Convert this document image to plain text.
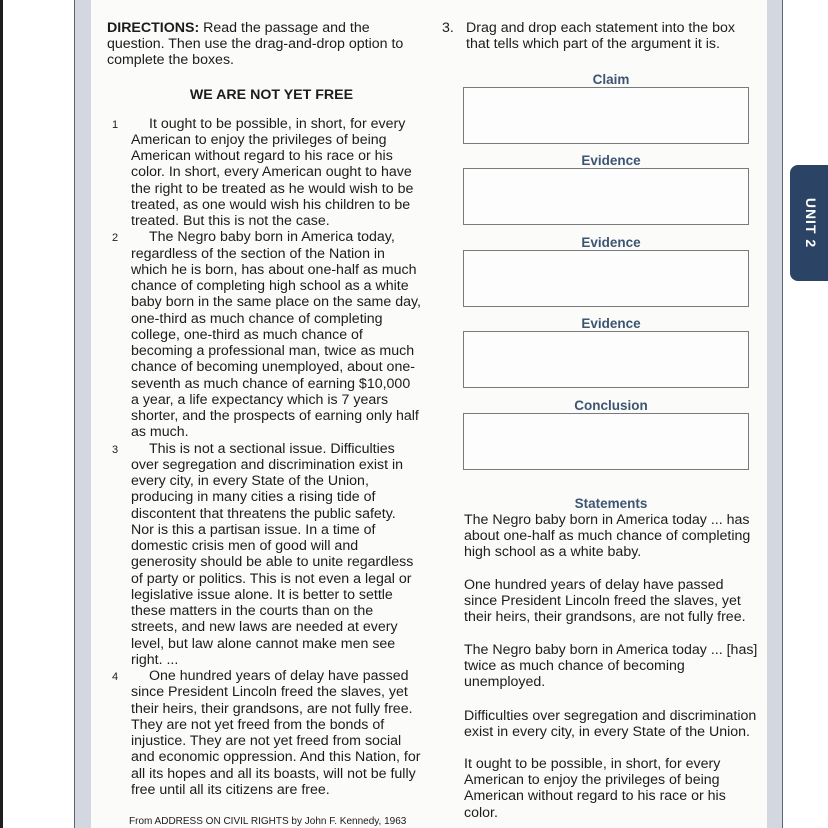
UNIT 2

DIRECTIONS: Read the passage and the question. Then use the drag-and-drop option to complete the boxes.

WE ARE NOT YET FREE

1 It ought to be possible, in short, for every American to enjoy the privileges of being American without regard to his race or his color. In short, every American ought to have the right to be treated as he would wish to be treated, as one would wish his children to be treated. But this is not the case.

2 The Negro baby born in America today, regardless of the section of the Nation in which he is born, has about one-half as much chance of completing high school as a white baby born in the same place on the same day, one-third as much chance of completing college, one-third as much chance of becoming a professional man, twice as much chance of becoming unemployed, about one-seventh as much chance of earning $10,000 a year, a life expectancy which is 7 years shorter, and the prospects of earning only half as much.

3 This is not a sectional issue. Difficulties over segregation and discrimination exist in every city, in every State of the Union, producing in many cities a rising tide of discontent that threatens the public safety. Nor is this a partisan issue. In a time of domestic crisis men of good will and generosity should be able to unite regardless of party or politics. This is not even a legal or legislative issue alone. It is better to settle these matters in the courts than on the streets, and new laws are needed at every level, but law alone cannot make men see right. ...

4 One hundred years of delay have passed since President Lincoln freed the slaves, yet their heirs, their grandsons, are not fully free. They are not yet freed from the bonds of injustice. They are not yet freed from social and economic oppression. And this Nation, for all its hopes and all its boasts, will not be fully free until all its citizens are free.

From ADDRESS ON CIVIL RIGHTS by John F. Kennedy, 1963

3. Drag and drop each statement into the box that tells which part of the argument it is.

Claim
Evidence
Evidence
Evidence
Conclusion
Statements
The Negro baby born in America today ... has about one-half as much chance of completing high school as a white baby.
One hundred years of delay have passed since President Lincoln freed the slaves, yet their heirs, their grandsons, are not fully free.
The Negro baby born in America today ... [has] twice as much chance of becoming unemployed.
Difficulties over segregation and discrimination exist in every city, in every State of the Union.
It ought to be possible, in short, for every American to enjoy the privileges of being American without regard to his race or his color.
